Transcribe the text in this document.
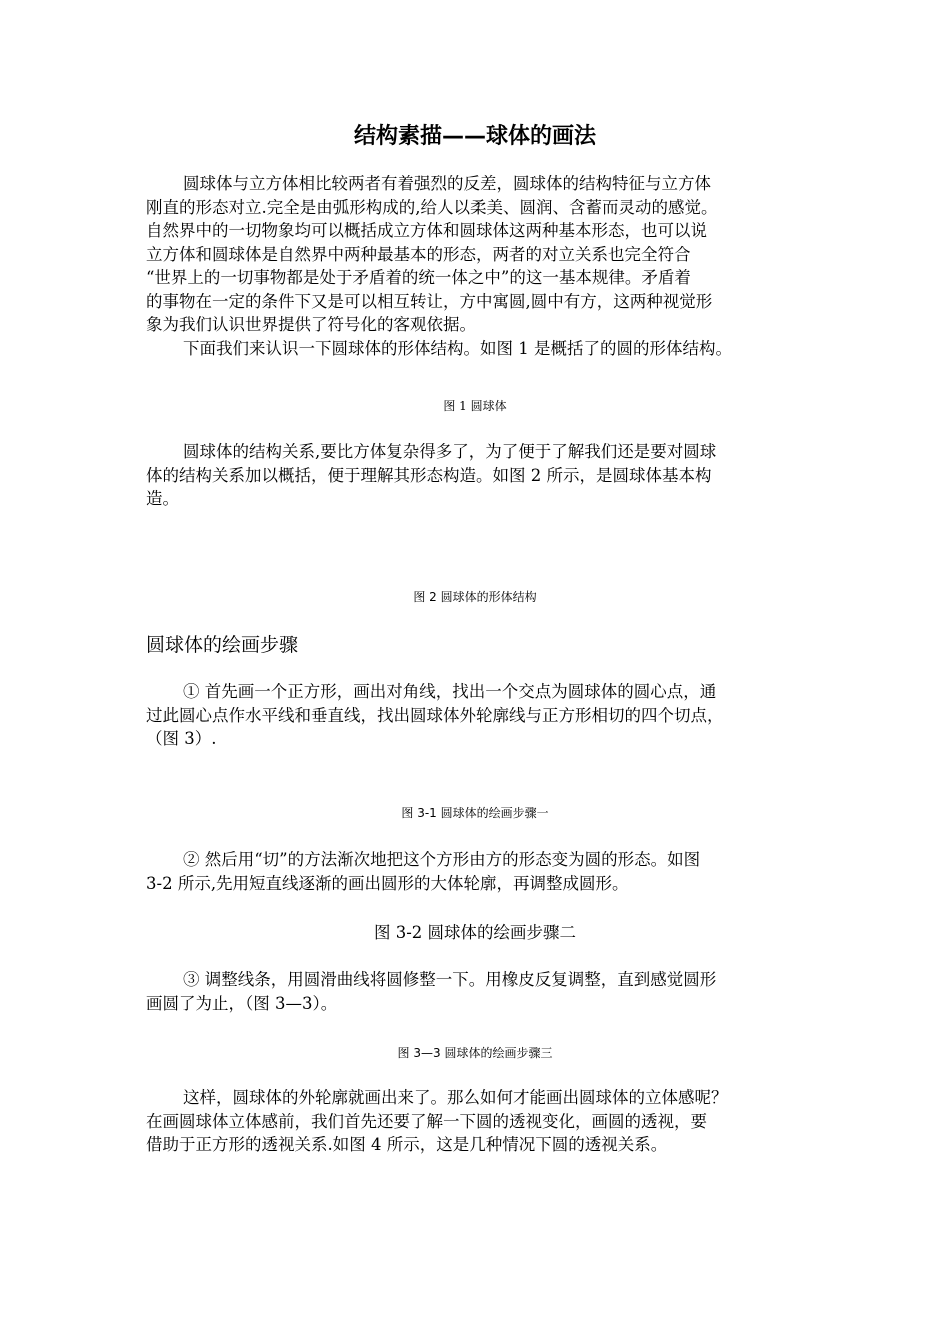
结构素描——球体的画法
圆球体与立方体相比较两者有着强烈的反差，圆球体的结构特征与立方体
刚直的形态对立.完全是由弧形构成的,给人以柔美、圆润、含蓄而灵动的感觉。
自然界中的一切物象均可以概括成立方体和圆球体这两种基本形态，也可以说
立方体和圆球体是自然界中两种最基本的形态，两者的对立关系也完全符合
“世界上的一切事物都是处于矛盾着的统一体之中”的这一基本规律。矛盾着
的事物在一定的条件下又是可以相互转让，方中寓圆,圆中有方，这两种视觉形
象为我们认识世界提供了符号化的客观依据。
下面我们来认识一下圆球体的形体结构。如图 1 是概括了的圆的形体结构。
图 1 圆球体
圆球体的结构关系,要比方体复杂得多了，为了便于了解我们还是要对圆球
体的结构关系加以概括，便于理解其形态构造。如图 2 所示，是圆球体基本构
造。
图 2 圆球体的形体结构
圆球体的绘画步骤
① 首先画一个正方形，画出对角线，找出一个交点为圆球体的圆心点，通
过此圆心点作水平线和垂直线，找出圆球体外轮廓线与正方形相切的四个切点，
（图 3）.
图 3-1 圆球体的绘画步骤一
② 然后用“切”的方法渐次地把这个方形由方的形态变为圆的形态。如图
3-2 所示,先用短直线逐渐的画出圆形的大体轮廓，再调整成圆形。
图 3-2 圆球体的绘画步骤二
③ 调整线条，用圆滑曲线将圆修整一下。用橡皮反复调整，直到感觉圆形
画圆了为止，（图 3—3）。
图 3—3 圆球体的绘画步骤三
这样，圆球体的外轮廓就画出来了。那么如何才能画出圆球体的立体感呢？
在画圆球体立体感前，我们首先还要了解一下圆的透视变化，画圆的透视，要
借助于正方形的透视关系.如图 4 所示，这是几种情况下圆的透视关系。
